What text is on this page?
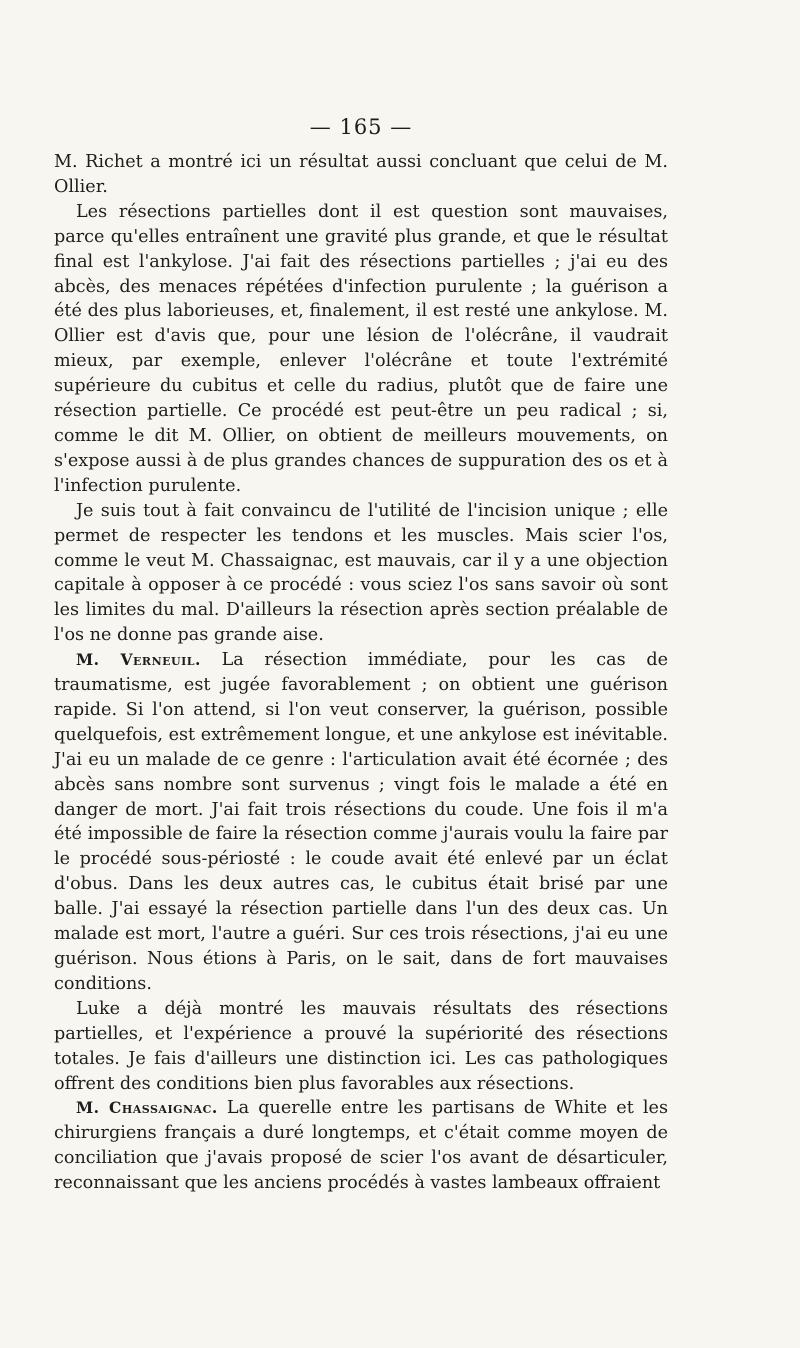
— 165 —

M. Richet a montré ici un résultat aussi concluant que celui de M. Ollier.

Les résections partielles dont il est question sont mauvaises, parce qu'elles entraînent une gravité plus grande, et que le résultat final est l'ankylose. J'ai fait des résections partielles ; j'ai eu des abcès, des menaces répétées d'infection purulente ; la guérison a été des plus laborieuses, et, finalement, il est resté une ankylose. M. Ollier est d'avis que, pour une lésion de l'olécrâne, il vaudrait mieux, par exemple, enlever l'olécrâne et toute l'extrémité supérieure du cubitus et celle du radius, plutôt que de faire une résection partielle. Ce procédé est peut-être un peu radical ; si, comme le dit M. Ollier, on obtient de meilleurs mouvements, on s'expose aussi à de plus grandes chances de suppuration des os et à l'infection purulente.

Je suis tout à fait convaincu de l'utilité de l'incision unique ; elle permet de respecter les tendons et les muscles. Mais scier l'os, comme le veut M. Chassaignac, est mauvais, car il y a une objection capitale à opposer à ce procédé : vous sciez l'os sans savoir où sont les limites du mal. D'ailleurs la résection après section préalable de l'os ne donne pas grande aise.

M. Verneuil. La résection immédiate, pour les cas de traumatisme, est jugée favorablement ; on obtient une guérison rapide. Si l'on attend, si l'on veut conserver, la guérison, possible quelquefois, est extrêmement longue, et une ankylose est inévitable. J'ai eu un malade de ce genre : l'articulation avait été écornée ; des abcès sans nombre sont survenus ; vingt fois le malade a été en danger de mort. J'ai fait trois résections du coude. Une fois il m'a été impossible de faire la résection comme j'aurais voulu la faire par le procédé sous-périosté : le coude avait été enlevé par un éclat d'obus. Dans les deux autres cas, le cubitus était brisé par une balle. J'ai essayé la résection partielle dans l'un des deux cas. Un malade est mort, l'autre a guéri. Sur ces trois résections, j'ai eu une guérison. Nous étions à Paris, on le sait, dans de fort mauvaises conditions.

Luke a déjà montré les mauvais résultats des résections partielles, et l'expérience a prouvé la supériorité des résections totales. Je fais d'ailleurs une distinction ici. Les cas pathologiques offrent des conditions bien plus favorables aux résections.

M. Chassaignac. La querelle entre les partisans de White et les chirurgiens français a duré longtemps, et c'était comme moyen de conciliation que j'avais proposé de scier l'os avant de désarticuler, reconnaissant que les anciens procédés à vastes lambeaux offraient
